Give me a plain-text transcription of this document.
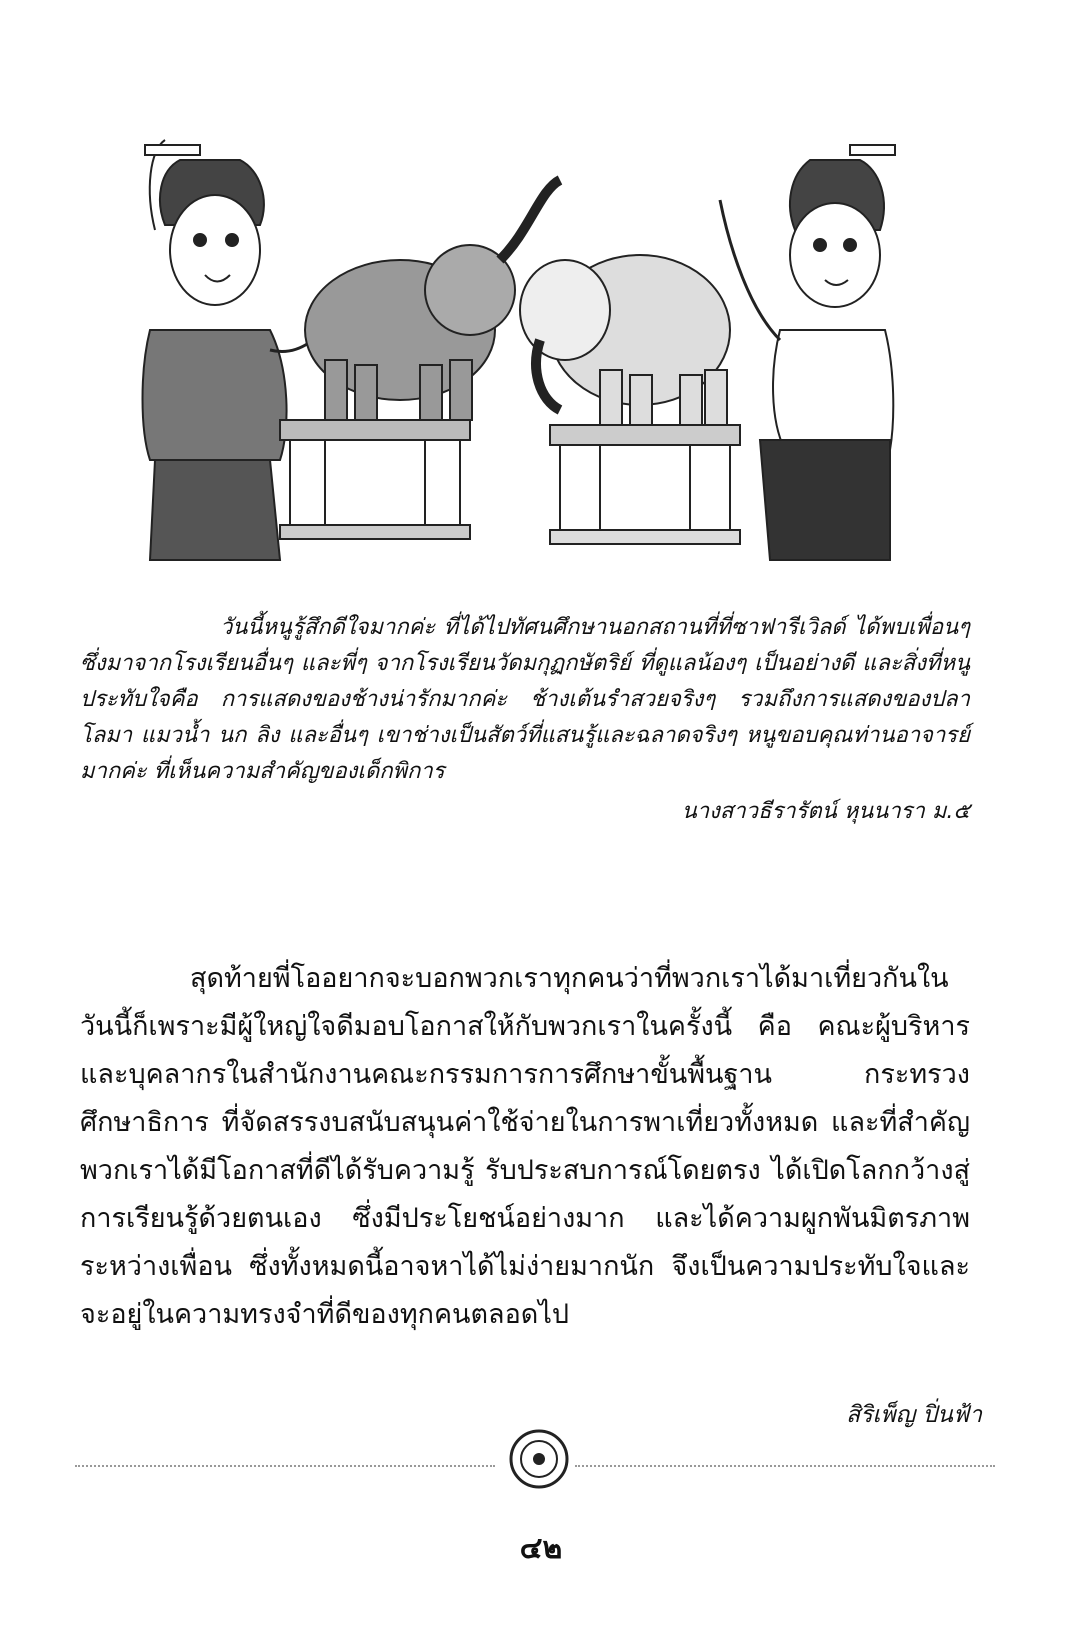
วันนี้หนูรู้สึกดีใจมากค่ะ ที่ได้ไปทัศนศึกษานอกสถานที่ที่ซาฟารีเวิลด์ ได้พบเพื่อนๆ ซึ่งมาจากโรงเรียนอื่นๆ และพี่ๆ จากโรงเรียนวัดมกุฏกษัตริย์ ที่ดูแลน้องๆ เป็นอย่างดี และสิ่งที่หนูประทับใจคือ การแสดงของช้างน่ารักมากค่ะ ช้างเต้นรำสวยจริงๆ รวมถึงการแสดงของปลาโลมา แมวน้ำ นก ลิง และอื่นๆ เขาช่างเป็นสัตว์ที่แสนรู้และฉลาดจริงๆ หนูขอบคุณท่านอาจารย์มากค่ะ ที่เห็นความสำคัญของเด็กพิการ

นางสาวธีรารัตน์ หุนนารา ม.๕

สุดท้ายพี่โออยากจะบอกพวกเราทุกคนว่าที่พวกเราได้มาเที่ยวกันในวันนี้ก็เพราะมีผู้ใหญ่ใจดีมอบโอกาสให้กับพวกเราในครั้งนี้ คือ คณะผู้บริหารและบุคลากรในสำนักงานคณะกรรมการการศึกษาขั้นพื้นฐาน กระทรวงศึกษาธิการ ที่จัดสรรงบสนับสนุนค่าใช้จ่ายในการพาเที่ยวทั้งหมด และที่สำคัญพวกเราได้มีโอกาสที่ดีได้รับความรู้ รับประสบการณ์โดยตรง ได้เปิดโลกกว้างสู่การเรียนรู้ด้วยตนเอง ซึ่งมีประโยชน์อย่างมาก และได้ความผูกพันมิตรภาพระหว่างเพื่อน ซึ่งทั้งหมดนี้อาจหาได้ไม่ง่ายมากนัก จึงเป็นความประทับใจและจะอยู่ในความทรงจำที่ดีของทุกคนตลอดไป

สิริเพ็ญ ปิ่นฟ้า
๔๒
